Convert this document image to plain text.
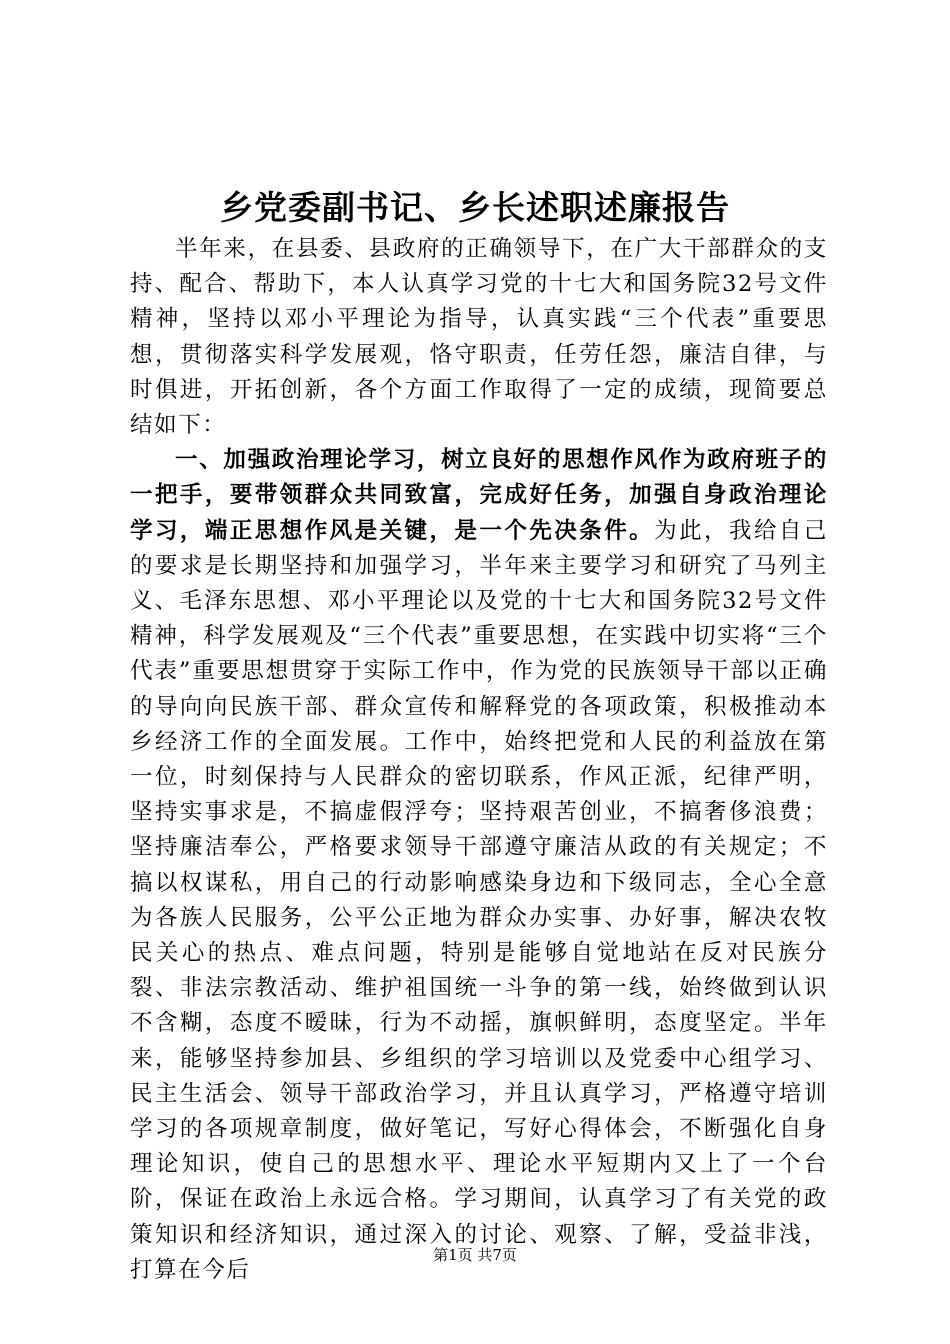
乡党委副书记、乡长述职述廉报告

半年来，在县委、县政府的正确领导下，在广大干部群众的支持、配合、帮助下，本人认真学习党的十七大和国务院32号文件精神，坚持以邓小平理论为指导，认真实践“三个代表”重要思想，贯彻落实科学发展观，恪守职责，任劳任怨，廉洁自律，与时俱进，开拓创新，各个方面工作取得了一定的成绩，现简要总结如下：

一、加强政治理论学习，树立良好的思想作风作为政府班子的一把手，要带领群众共同致富，完成好任务，加强自身政治理论学习，端正思想作风是关键，是一个先决条件。为此，我给自己的要求是长期坚持和加强学习，半年来主要学习和研究了马列主义、毛泽东思想、邓小平理论以及党的十七大和国务院32号文件精神，科学发展观及“三个代表”重要思想，在实践中切实将“三个代表”重要思想贯穿于实际工作中，作为党的民族领导干部以正确的导向向民族干部、群众宣传和解释党的各项政策，积极推动本乡经济工作的全面发展。工作中，始终把党和人民的利益放在第一位，时刻保持与人民群众的密切联系，作风正派，纪律严明，坚持实事求是，不搞虚假浮夸；坚持艰苦创业，不搞奢侈浪费；坚持廉洁奉公，严格要求领导干部遵守廉洁从政的有关规定；不搞以权谋私，用自己的行动影响感染身边和下级同志，全心全意为各族人民服务，公平公正地为群众办实事、办好事，解决农牧民关心的热点、难点问题，特别是能够自觉地站在反对民族分裂、非法宗教活动、维护祖国统一斗争的第一线，始终做到认识不含糊，态度不暧昧，行为不动摇，旗帜鲜明，态度坚定。半年来，能够坚持参加县、乡组织的学习培训以及党委中心组学习、民主生活会、领导干部政治学习，并且认真学习，严格遵守培训学习的各项规章制度，做好笔记，写好心得体会，不断强化自身理论知识，使自己的思想水平、理论水平短期内又上了一个台阶，保证在政治上永远合格。学习期间，认真学习了有关党的政策知识和经济知识，通过深入的讨论、观察、了解，受益非浅，打算在今后

第1页 共7页
